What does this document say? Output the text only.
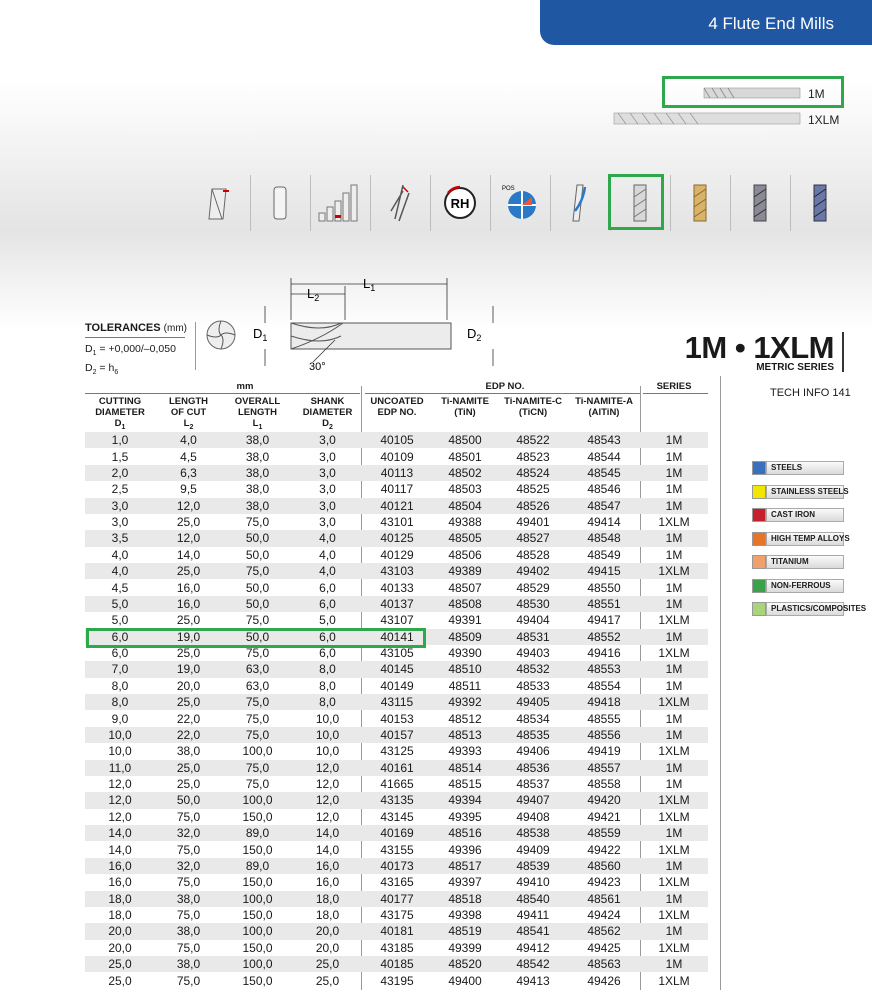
4 Flute End Mills
1M
1XLM
RH
POS
$L_1$
$L_2$
$D_1$	$D_2$
30°
TOLERANCES (mm)
$D_1 = +0,000/-0,050$
$D_2 = h_6$
1M • 1XLM
METRIC SERIES
mm	EDP NO.	SERIES
CUTTING
DIAMETER
$D_1$
LENGTH
OF CUT
$L_2$
OVERALL
LENGTH
$L_1$
SHANK
DIAMETER
$D_2$
UNCOATED
EDP NO.
Ti-NAMITE
(TiN)
Ti-NAMITE-C
(TiCN)
Ti-NAMITE-A
(AlTiN)
1,0	4,0	38,0	3,0	40105	48500	48522	48543	1M
1,5	4,5	38,0	3,0	40109	48501	48523	48544	1M
2,0	6,3	38,0	3,0	40113	48502	48524	48545	1M
2,5	9,5	38,0	3,0	40117	48503	48525	48546	1M
3,0	12,0	38,0	3,0	40121	48504	48526	48547	1M
3,0	25,0	75,0	3,0	43101	49388	49401	49414	1XLM
3,5	12,0	50,0	4,0	40125	48505	48527	48548	1M
4,0	14,0	50,0	4,0	40129	48506	48528	48549	1M
4,0	25,0	75,0	4,0	43103	49389	49402	49415	1XLM
4,5	16,0	50,0	6,0	40133	48507	48529	48550	1M
5,0	16,0	50,0	6,0	40137	48508	48530	48551	1M
5,0	25,0	75,0	5,0	43107	49391	49404	49417	1XLM
6,0	19,0	50,0	6,0	40141	48509	48531	48552	1M
6,0	25,0	75,0	6,0	43105	49390	49403	49416	1XLM
7,0	19,0	63,0	8,0	40145	48510	48532	48553	1M
8,0	20,0	63,0	8,0	40149	48511	48533	48554	1M
8,0	25,0	75,0	8,0	43115	49392	49405	49418	1XLM
9,0	22,0	75,0	10,0	40153	48512	48534	48555	1M
10,0	22,0	75,0	10,0	40157	48513	48535	48556	1M
10,0	38,0	100,0	10,0	43125	49393	49406	49419	1XLM
11,0	25,0	75,0	12,0	40161	48514	48536	48557	1M
12,0	25,0	75,0	12,0	41665	48515	48537	48558	1M
12,0	50,0	100,0	12,0	43135	49394	49407	49420	1XLM
12,0	75,0	150,0	12,0	43145	49395	49408	49421	1XLM
14,0	32,0	89,0	14,0	40169	48516	48538	48559	1M
14,0	75,0	150,0	14,0	43155	49396	49409	49422	1XLM
16,0	32,0	89,0	16,0	40173	48517	48539	48560	1M
16,0	75,0	150,0	16,0	43165	49397	49410	49423	1XLM
18,0	38,0	100,0	18,0	40177	48518	48540	48561	1M
18,0	75,0	150,0	18,0	43175	49398	49411	49424	1XLM
20,0	38,0	100,0	20,0	40181	48519	48541	48562	1M
20,0	75,0	150,0	20,0	43185	49399	49412	49425	1XLM
25,0	38,0	100,0	25,0	40185	48520	48542	48563	1M
25,0	75,0	150,0	25,0	43195	49400	49413	49426	1XLM
TECH INFO 141
STEELS
STAINLESS STEELS
CAST IRON
HIGH TEMP ALLOYS
TITANIUM
NON-FERROUS
PLASTICS/COMPOSITES
